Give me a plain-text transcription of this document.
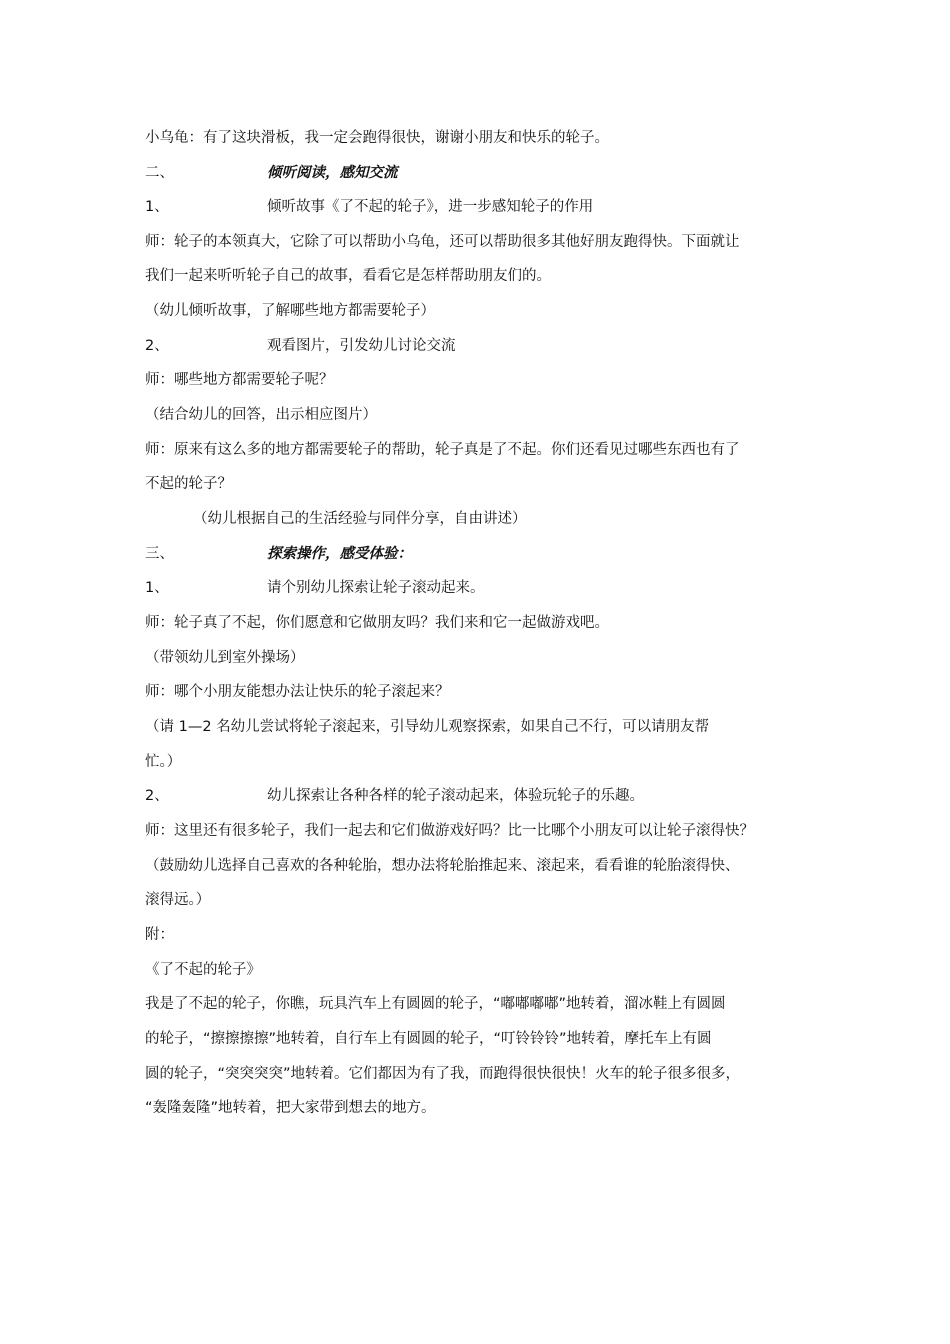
小乌龟：有了这块滑板，我一定会跑得很快，谢谢小朋友和快乐的轮子。
二、	倾听阅读，感知交流
1、	倾听故事《了不起的轮子》，进一步感知轮子的作用
师：轮子的本领真大，它除了可以帮助小乌龟，还可以帮助很多其他好朋友跑得快。下面就让
我们一起来听听轮子自己的故事，看看它是怎样帮助朋友们的。
（幼儿倾听故事，了解哪些地方都需要轮子）
2、	观看图片，引发幼儿讨论交流
师：哪些地方都需要轮子呢？
（结合幼儿的回答，出示相应图片）
师：原来有这么多的地方都需要轮子的帮助，轮子真是了不起。你们还看见过哪些东西也有了
不起的轮子？
（幼儿根据自己的生活经验与同伴分享，自由讲述）
三、	探索操作，感受体验：
1、	请个别幼儿探索让轮子滚动起来。
师：轮子真了不起，你们愿意和它做朋友吗？我们来和它一起做游戏吧。
（带领幼儿到室外操场）
师：哪个小朋友能想办法让快乐的轮子滚起来？
（请 1—2 名幼儿尝试将轮子滚起来，引导幼儿观察探索，如果自己不行，可以请朋友帮
忙。）
2、	幼儿探索让各种各样的轮子滚动起来，体验玩轮子的乐趣。
师：这里还有很多轮子，我们一起去和它们做游戏好吗？比一比哪个小朋友可以让轮子滚得快？
（鼓励幼儿选择自己喜欢的各种轮胎，想办法将轮胎推起来、滚起来，看看谁的轮胎滚得快、
滚得远。）
附：
《了不起的轮子》
我是了不起的轮子，你瞧，玩具汽车上有圆圆的轮子，“嘟嘟嘟嘟”地转着，溜冰鞋上有圆圆
的轮子，“擦擦擦擦”地转着，自行车上有圆圆的轮子，“叮铃铃铃”地转着，摩托车上有圆
圆的轮子，“突突突突”地转着。它们都因为有了我，而跑得很快很快！火车的轮子很多很多，
“轰隆轰隆”地转着，把大家带到想去的地方。
